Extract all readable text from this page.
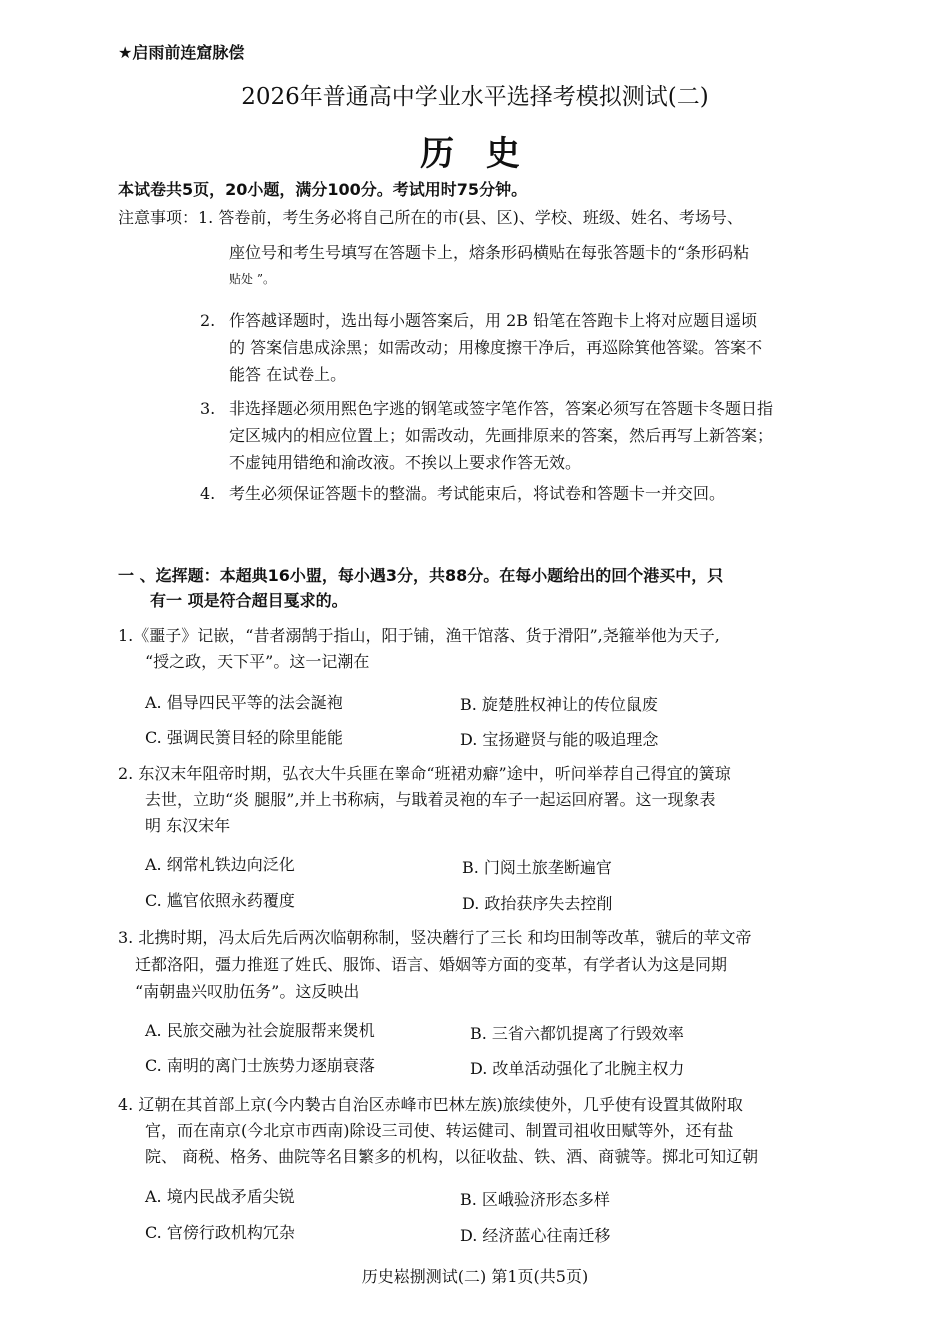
★启雨前连窟脉偿
2026年普通高中学业水平选择考模拟测试(二)
历 史
本试卷共5页，20小题，满分100分。考试用时75分钟。
注意事项： 1. 答卷前，考生务必将自己所在的市(县、区)、学校、班级、姓名、考场号、
座位号和考生号填写在答题卡上，熔条形码横贴在每张答题卡的“条形码粘
贴处 ”。
2. 作答越译题时，选出每小题答案后，用 2B 铅笔在答跑卡上将对应题目遥顷
的 答案信患成涂黑；如需改动；用橡度擦干净后，再巡除箕他答粱。答案不
能答 在试卷上。
3. 非选择题必须用熙色字逃的钢笔或签字笔作答，答案必须写在答题卡冬题日指
定区城内的相应位置上；如需改动，先画排原来的答案，然后再写上新答案；
不虚钝用错绝和渝改液。不挨以上要求作答无效。
4. 考生必须保证答题卡的整湍。考试能束后，将试卷和答题卡一并交回。
一 、迄挥题：本超典16小盟，每小遇3分，共88分。在每小题给出的回个港买中，只
有一 项是符合超目戛求的。
1.《噩子》记嵌，“昔者溺鹄于指山，阳于铺，渔干馆落、货于滑阳”,尧箍举他为天子,
“授之政，天下平”。这一记潮在
A. 倡导四民平等的法会誕袍	B. 旋楚胜权神让的传位鼠废
C. 强调民箦目轻的除里能能	D. 宝扬避贤与能的吸追理念
2. 东汉末年阻帝时期，弘衣大牛兵匪在睾命“班裙劝癖”途中，听问举荐自己得宜的簧琼
去世，立助“炎 腿服”,并上书称病，与戢着灵袍的车子一起运回府署。这一现象表
明 东汉宋年
A. 纲常札铁边向泛化	B. 门阅土旅垄断遍官
C. 尴官依照永药覆度	D. 政抬获序失去控削
3. 北携时期，冯太后先后两次临朝称制，竖决蘑行了三长 和均田制等改革，虢后的苹文帝
迁都洛阳，彊力推逛了姓氏、服饰、语言、婚姻等方面的变革，有学者认为这是同期
“南朝蛊兴叹肋伍务”。这反映出
A. 民旅交融为社会旋服帮来煲机	B. 三省六都饥提离了行毁效率
C. 南明的离门士族势力逐崩衰落	D. 改单活动强化了北腕主权力
4. 辽朝在其首部上京(今内褺古自治区赤峰市巴林左族)旅续使外，几乎使有设置其做附取
官，而在南京(今北京市西南)除设三司使、转运健司、制置司祖收田赋等外，还有盐
院、 商税、格务、曲院等名目繁多的机构，以征收盐、铁、酒、商虢等。掷北可知辽朝
A. 境内民战矛盾尖锐	B. 区峨验济形态多样
C. 官傍行政机构冗杂	D. 经济蓝心往南迁移
历史崧捌测试(二) 第1页(共5页)
